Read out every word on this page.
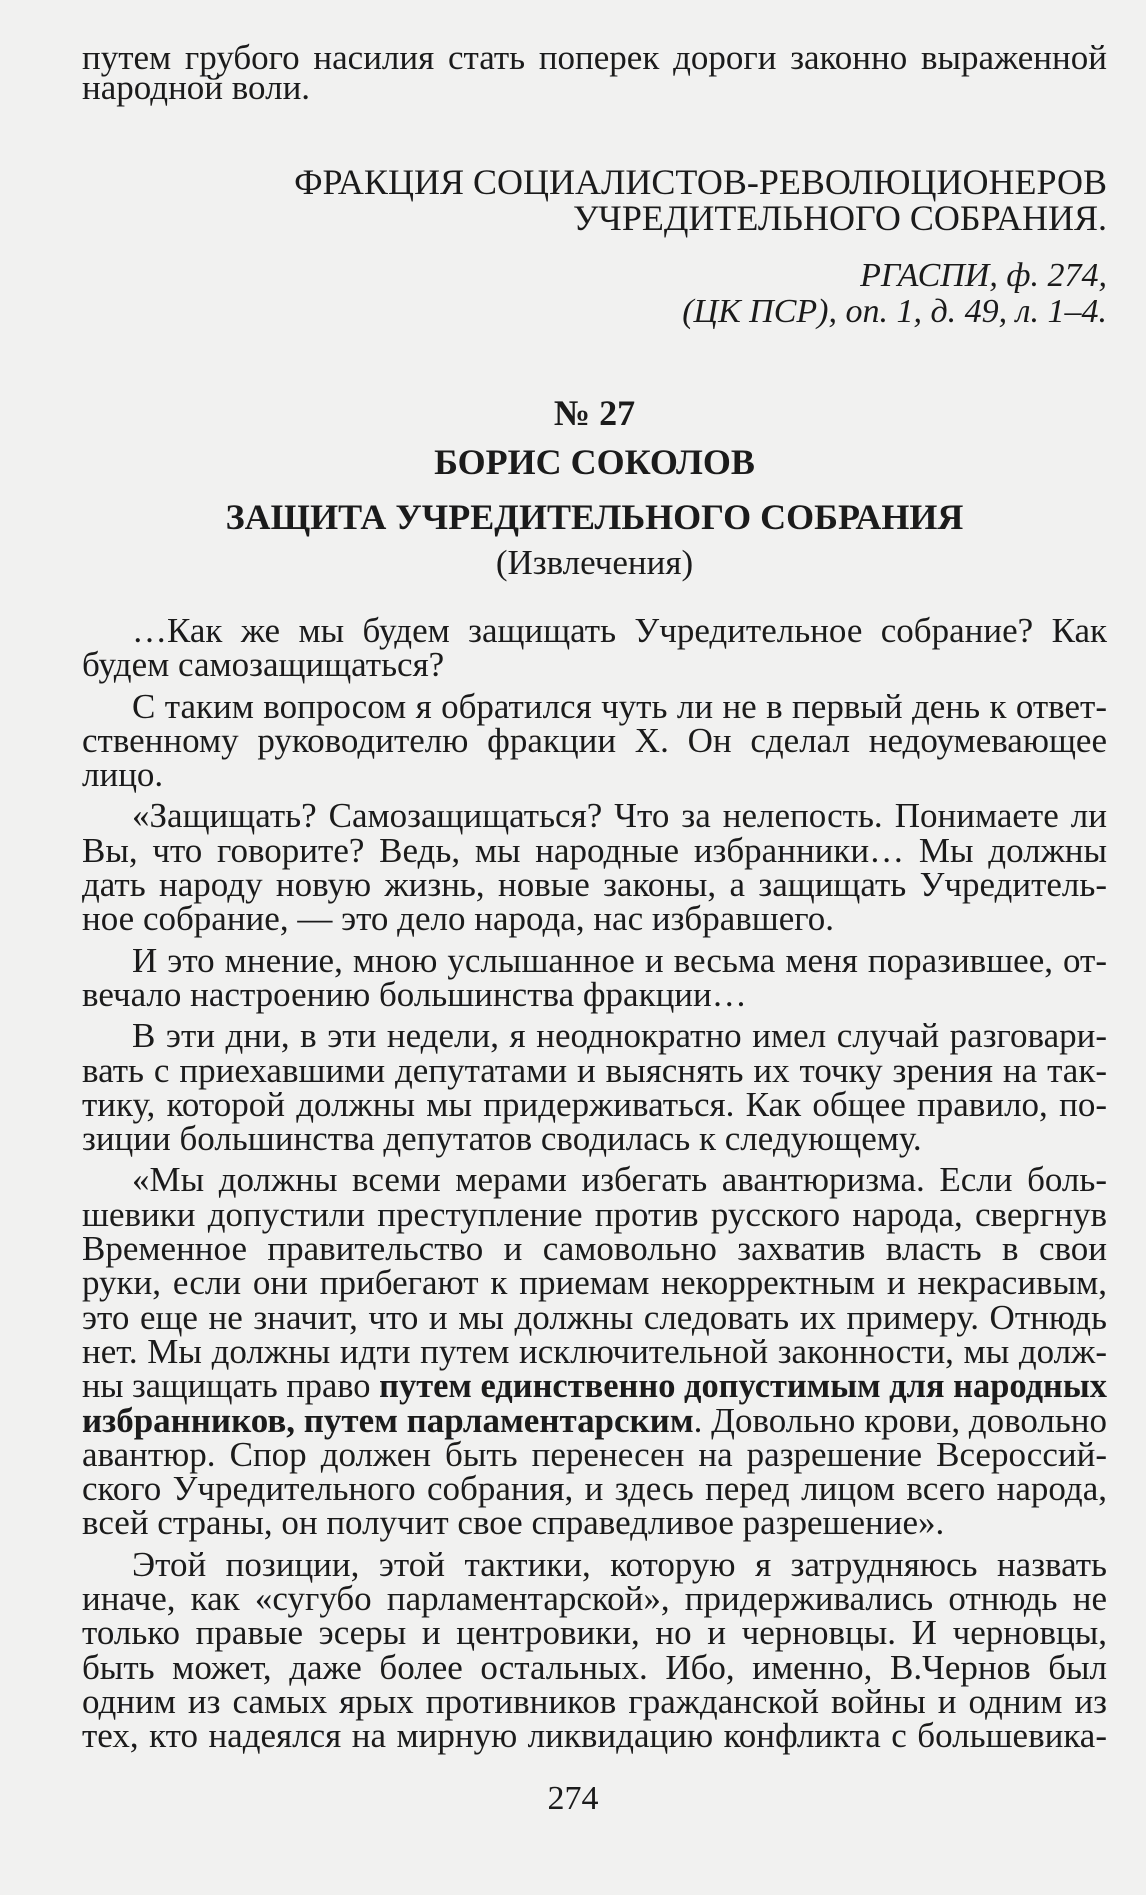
путем грубого насилия стать поперек дороги законно выраженной
народной воли.
ФРАКЦИЯ СОЦИАЛИСТОВ-РЕВОЛЮЦИОНЕРОВ
УЧРЕДИТЕЛЬНОГО СОБРАНИЯ.
РГАСПИ, ф. 274,
(ЦК ПСР), оп. 1, д. 49, л. 1–4.
№ 27
БОРИС СОКОЛОВ
ЗАЩИТА УЧРЕДИТЕЛЬНОГО СОБРАНИЯ
(Извлечения)
…Как же мы будем защищать Учредительное собрание? Как
будем самозащищаться?
С таким вопросом я обратился чуть ли не в первый день к ответ-
ственному руководителю фракции Х. Он сделал недоумевающее
лицо.
«Защищать? Самозащищаться? Что за нелепость. Понимаете ли
Вы, что говорите? Ведь, мы народные избранники… Мы должны
дать народу новую жизнь, новые законы, а защищать Учредитель-
ное собрание, — это дело народа, нас избравшего.
И это мнение, мною услышанное и весьма меня поразившее, от-
вечало настроению большинства фракции…
В эти дни, в эти недели, я неоднократно имел случай разговари-
вать с приехавшими депутатами и выяснять их точку зрения на так-
тику, которой должны мы придерживаться. Как общее правило, по-
зиции большинства депутатов сводилась к следующему.
«Мы должны всеми мерами избегать авантюризма. Если боль-
шевики допустили преступление против русского народа, свергнув
Временное правительство и самовольно захватив власть в свои
руки, если они прибегают к приемам некорректным и некрасивым,
это еще не значит, что и мы должны следовать их примеру. Отнюдь
нет. Мы должны идти путем исключительной законности, мы долж-
ны защищать право путем единственно допустимым для народных
избранников, путем парламентарским. Довольно крови, довольно
авантюр. Спор должен быть перенесен на разрешение Всероссий-
ского Учредительного собрания, и здесь перед лицом всего народа,
всей страны, он получит свое справедливое разрешение».
Этой позиции, этой тактики, которую я затрудняюсь назвать
иначе, как «сугубо парламентарской», придерживались отнюдь не
только правые эсеры и центровики, но и черновцы. И черновцы,
быть может, даже более остальных. Ибо, именно, В.Чернов был
одним из самых ярых противников гражданской войны и одним из
тех, кто надеялся на мирную ликвидацию конфликта с большевика-
274
